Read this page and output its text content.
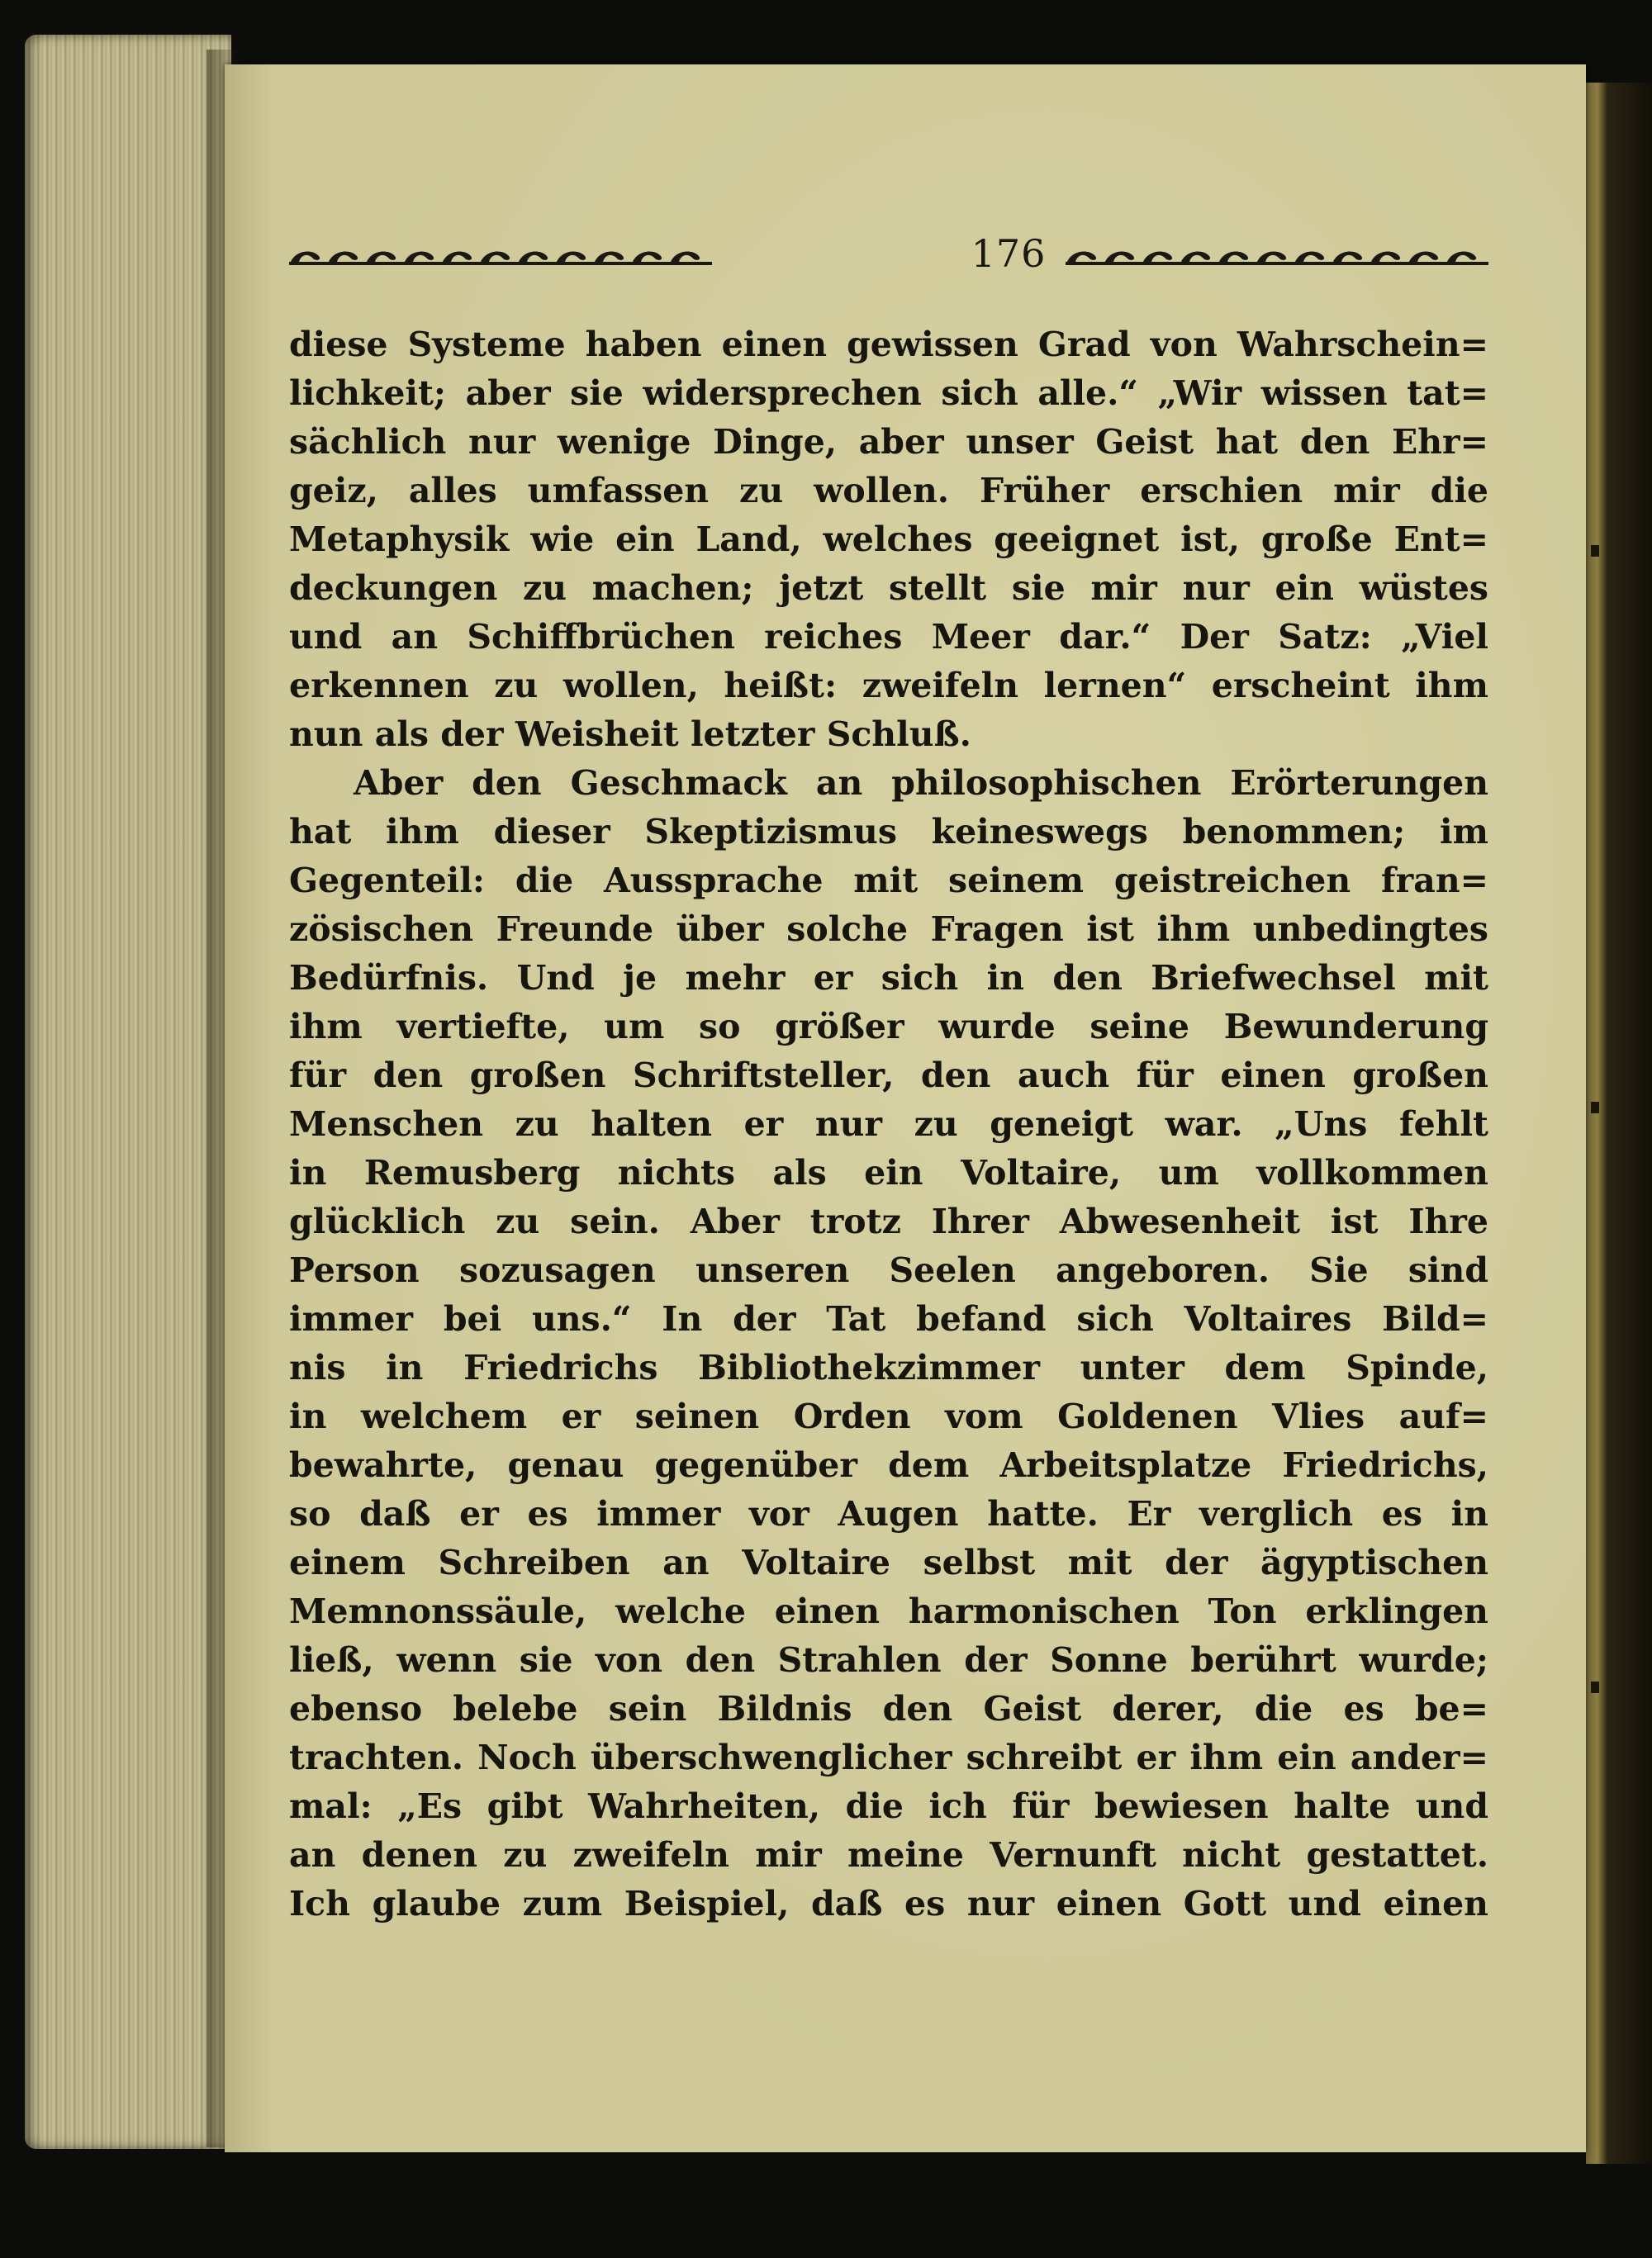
176
diese Systeme haben einen gewissen Grad von Wahrschein=
lichkeit; aber sie widersprechen sich alle.“ „Wir wissen tat=
sächlich nur wenige Dinge, aber unser Geist hat den Ehr=
geiz, alles umfassen zu wollen. Früher erschien mir die
Metaphysik wie ein Land, welches geeignet ist, große Ent=
deckungen zu machen; jetzt stellt sie mir nur ein wüstes
und an Schiffbrüchen reiches Meer dar.“ Der Satz: „Viel
erkennen zu wollen, heißt: zweifeln lernen“ erscheint ihm
nun als der Weisheit letzter Schluß.
Aber den Geschmack an philosophischen Erörterungen
hat ihm dieser Skeptizismus keineswegs benommen; im
Gegenteil: die Aussprache mit seinem geistreichen fran=
zösischen Freunde über solche Fragen ist ihm unbedingtes
Bedürfnis. Und je mehr er sich in den Briefwechsel mit
ihm vertiefte, um so größer wurde seine Bewunderung
für den großen Schriftsteller, den auch für einen großen
Menschen zu halten er nur zu geneigt war. „Uns fehlt
in Remusberg nichts als ein Voltaire, um vollkommen
glücklich zu sein. Aber trotz Ihrer Abwesenheit ist Ihre
Person sozusagen unseren Seelen angeboren. Sie sind
immer bei uns.“ In der Tat befand sich Voltaires Bild=
nis in Friedrichs Bibliothekzimmer unter dem Spinde,
in welchem er seinen Orden vom Goldenen Vlies auf=
bewahrte, genau gegenüber dem Arbeitsplatze Friedrichs,
so daß er es immer vor Augen hatte. Er verglich es in
einem Schreiben an Voltaire selbst mit der ägyptischen
Memnonssäule, welche einen harmonischen Ton erklingen
ließ, wenn sie von den Strahlen der Sonne berührt wurde;
ebenso belebe sein Bildnis den Geist derer, die es be=
trachten. Noch überschwenglicher schreibt er ihm ein ander=
mal: „Es gibt Wahrheiten, die ich für bewiesen halte und
an denen zu zweifeln mir meine Vernunft nicht gestattet.
Ich glaube zum Beispiel, daß es nur einen Gott und einen
